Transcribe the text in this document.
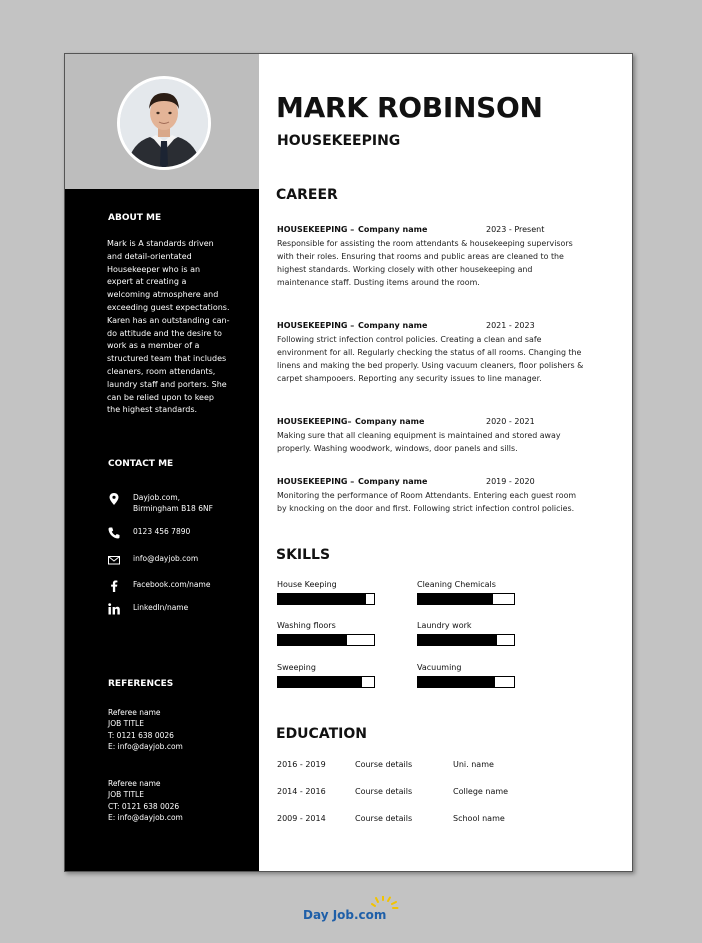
ABOUT ME
Mark is A standards driven
and detail-orientated
Housekeeper who is an
expert at creating a
welcoming atmosphere and
exceeding guest expectations.
Karen has an outstanding can-
do attitude and the desire to
work as a member of a
structured team that includes
cleaners, room attendants,
laundry staff and porters. She
can be relied upon to keep
the highest standards.
CONTACT ME
Dayjob.com,
Birmingham B18 6NF
0123 456 7890
info@dayjob.com
Facebook.com/name
LinkedIn/name
REFERENCES
Referee name
JOB TITLE
T: 0121 638 0026
E: info@dayjob.com
Referee name
JOB TITLE
CT: 0121 638 0026
E: info@dayjob.com
MARK ROBINSON
HOUSEKEEPING
CAREER
HOUSEKEEPING – Company name	2023 - Present
Responsible for assisting the room attendants & housekeeping supervisors
with their roles. Ensuring that rooms and public areas are cleaned to the
highest standards. Working closely with other housekeeping and
maintenance staff. Dusting items around the room.
HOUSEKEEPING – Company name	2021 - 2023
Following strict infection control policies. Creating a clean and safe
environment for all. Regularly checking the status of all rooms. Changing the
linens and making the bed properly. Using vacuum cleaners, floor polishers &
carpet shampooers. Reporting any security issues to line manager.
HOUSEKEEPING– Company name	2020 - 2021
Making sure that all cleaning equipment is maintained and stored away
properly. Washing woodwork, windows, door panels and sills.
HOUSEKEEPING – Company name	2019 - 2020
Monitoring the performance of Room Attendants. Entering each guest room
by knocking on the door and first. Following strict infection control policies.
SKILLS
House Keeping	Cleaning Chemicals
Washing floors	Laundry work
Sweeping	Vacuuming
EDUCATION
2016 - 2019	Course details	Uni. name
2014 - 2016	Course details	College name
2009 - 2014	Course details	School name
Day Job.com
